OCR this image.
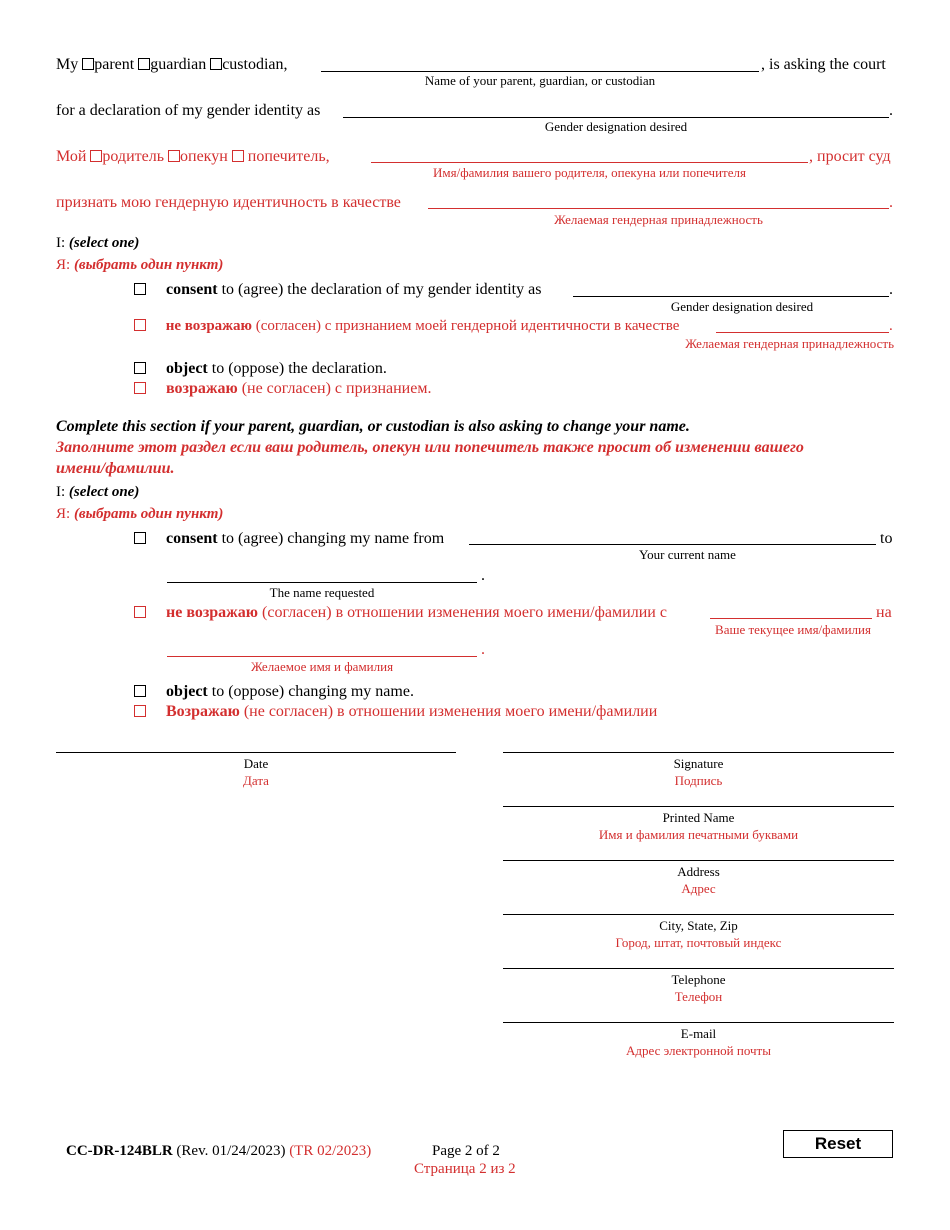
My parent guardian custodian,	, is asking the court
Name of your parent, guardian, or custodian
for a declaration of my gender identity as	.
Gender designation desired
Мой родитель опекун попечитель,	, просит суд
Имя/фамилия вашего родителя, опекуна или попечителя
признать мою гендерную идентичность в качестве	.
Желаемая гендерная принадлежность
I: (select one)
Я: (выбрать один пункт)
consent to (agree) the declaration of my gender identity as	.
Gender designation desired
не возражаю (согласен) с признанием моей гендерной идентичности в качестве	.
Желаемая гендерная принадлежность
object to (oppose) the declaration.
возражаю (не согласен) с признанием.
Complete this section if your parent, guardian, or custodian is also asking to change your name.
Заполните этот раздел если ваш родитель, опекун или попечитель также просит об изменении вашего
имени/фамилии.
I: (select one)
Я: (выбрать один пункт)
consent to (agree) changing my name from	to
Your current name
.
The name requested
не возражаю (согласен) в отношении изменения моего имени/фамилии с	на
Ваше текущее имя/фамилия
.
Желаемое имя и фамилия
object to (oppose) changing my name.
Возражаю (не согласен) в отношении изменения моего имени/фамилии
Date
Дата
Signature
Подпись
Printed Name
Имя и фамилия печатными буквами
Address
Адрес
City, State, Zip
Город, штат, почтовый индекс
Telephone
Телефон
E-mail
Адрес электронной почты
CC-DR-124BLR (Rev. 01/24/2023) (TR 02/2023)	Page 2 of 2
Страница 2 из 2
Reset
